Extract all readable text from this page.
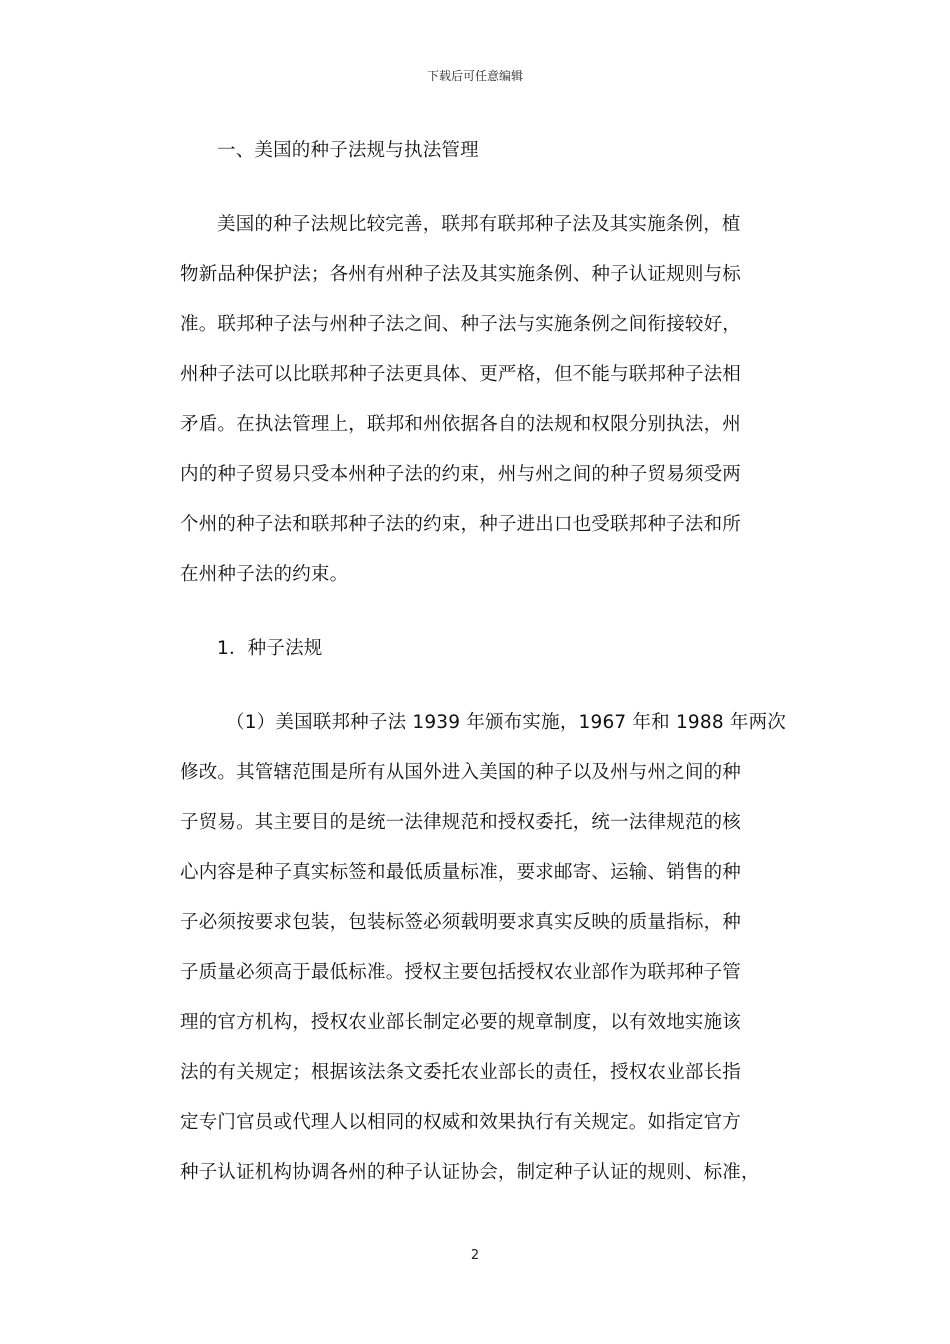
下载后可任意编辑
一、美国的种子法规与执法管理
美国的种子法规比较完善，联邦有联邦种子法及其实施条例，植
物新品种保护法；各州有州种子法及其实施条例、种子认证规则与标
准。联邦种子法与州种子法之间、种子法与实施条例之间衔接较好，
州种子法可以比联邦种子法更具体、更严格，但不能与联邦种子法相
矛盾。在执法管理上，联邦和州依据各自的法规和权限分别执法，州
内的种子贸易只受本州种子法的约束，州与州之间的种子贸易须受两
个州的种子法和联邦种子法的约束，种子进出口也受联邦种子法和所
在州种子法的约束。
1．种子法规
（1）美国联邦种子法 1939 年颁布实施，1967 年和 1988 年两次
修改。其管辖范围是所有从国外进入美国的种子以及州与州之间的种
子贸易。其主要目的是统一法律规范和授权委托，统一法律规范的核
心内容是种子真实标签和最低质量标准，要求邮寄、运输、销售的种
子必须按要求包装，包装标签必须载明要求真实反映的质量指标，种
子质量必须高于最低标准。授权主要包括授权农业部作为联邦种子管
理的官方机构，授权农业部长制定必要的规章制度，以有效地实施该
法的有关规定；根据该法条文委托农业部长的责任，授权农业部长指
定专门官员或代理人以相同的权威和效果执行有关规定。如指定官方
种子认证机构协调各州的种子认证协会，制定种子认证的规则、标准，
2
